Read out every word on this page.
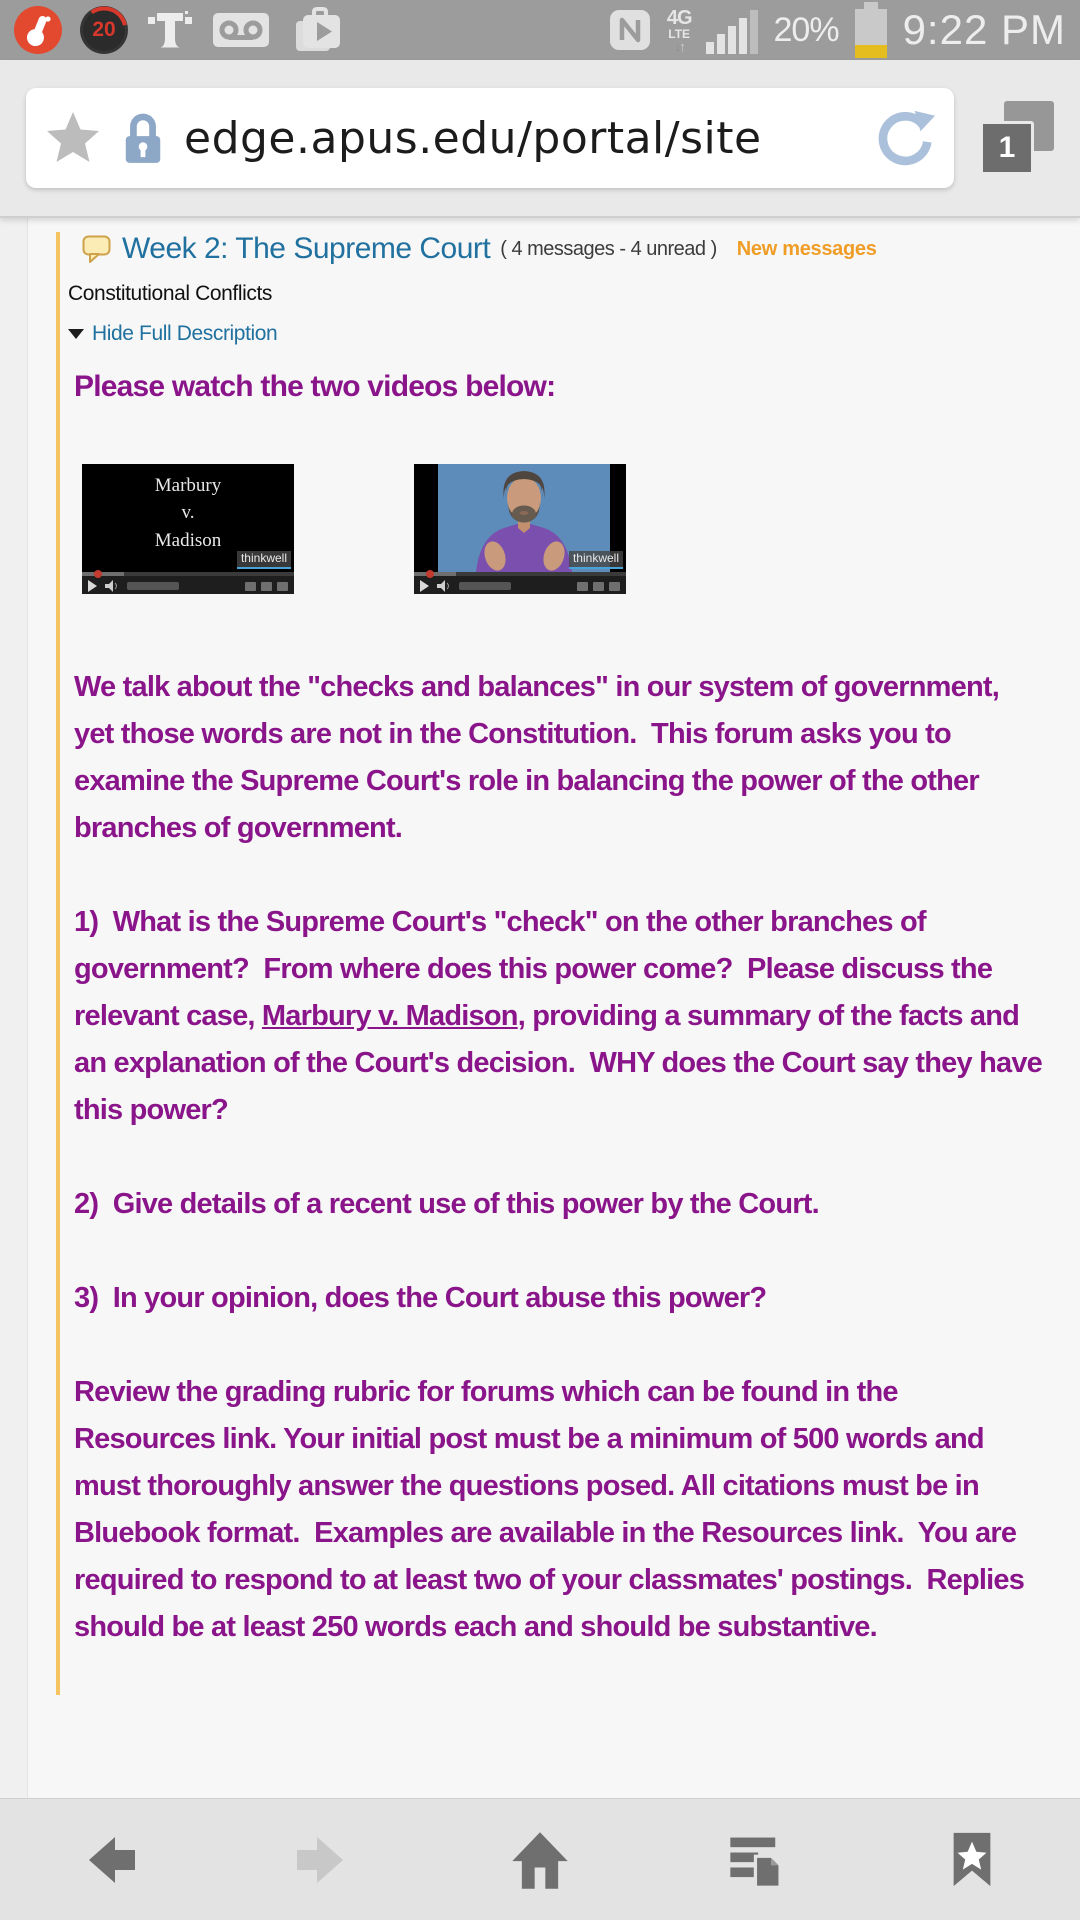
20
4G
LTE
↓↑	20% 9:22 PM
edge.apus.edu/portal/site	1
Week 2: The Supreme Court ( 4 messages - 4 unread ) New messages
Constitutional Conflicts
Hide Full Description
Please watch the two videos below:
Marbury
v.
Madison
thinkwell	thinkwell

We talk about the "checks and balances" in our system of government, yet those words are not in the Constitution.  This forum asks you to examine the Supreme Court's role in balancing the power of the other branches of government.

1)  What is the Supreme Court's "check" on the other branches of government?  From where does this power come?  Please discuss the relevant case, Marbury v. Madison, providing a summary of the facts and an explanation of the Court's decision.  WHY does the Court say they have this power?

2)  Give details of a recent use of this power by the Court.

3)  In your opinion, does the Court abuse this power?

Review the grading rubric for forums which can be found in the Resources link. Your initial post must be a minimum of 500 words and must thoroughly answer the questions posed. All citations must be in Bluebook format.  Examples are available in the Resources link.  You are required to respond to at least two of your classmates' postings.  Replies should be at least 250 words each and should be substantive.
